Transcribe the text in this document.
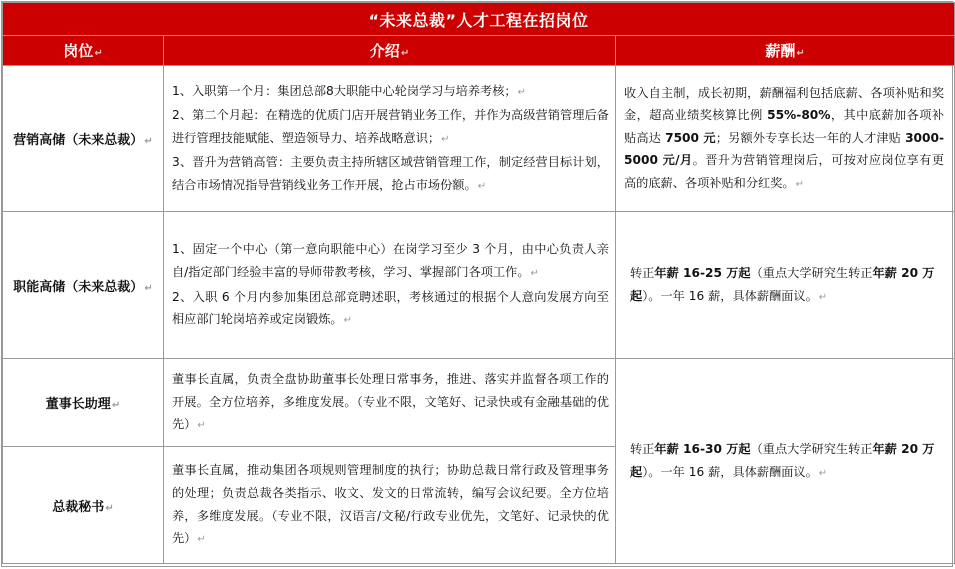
“未来总裁”人才工程在招岗位		
岗位↵	介绍↵	薪酬↵
营销高储（未来总裁）↵	1、入职第一个月：集团总部8大职能中心轮岗学习与培养考核；↵

2、第二个月起：在精选的优质门店开展营销业务工作，并作为高级营销管理后备进行管理技能赋能、塑造领导力、培养战略意识；↵

3、晋升为营销高管：主要负责主持所辖区域营销管理工作，制定经营目标计划，结合市场情况指导营销线业务工作开展，抢占市场份额。↵	收入自主制，成长初期，薪酬福利包括底薪、各项补贴和奖金，超高业绩奖核算比例 55%-80%，其中底薪加各项补贴高达 7500 元；另额外专享长达一年的人才津贴 3000-5000 元/月。晋升为营销管理岗后，可按对应岗位享有更高的底薪、各项补贴和分红奖。↵
职能高储（未来总裁）↵	1、固定一个中心（第一意向职能中心）在岗学习至少 3 个月，由中心负责人亲自/指定部门经验丰富的导师带教考核，学习、掌握部门各项工作。↵

2、入职 6 个月内参加集团总部竞聘述职，考核通过的根据个人意向发展方向至相应部门轮岗培养或定岗锻炼。↵	转正年薪 16-25 万起（重点大学研究生转正年薪 20 万起）。一年 16 薪，具体薪酬面议。↵
董事长助理↵	董事长直属，负责全盘协助董事长处理日常事务，推进、落实并监督各项工作的开展。全方位培养，多维度发展。（专业不限，文笔好、记录快或有金融基础的优先）↵	转正年薪 16-30 万起（重点大学研究生转正年薪 20 万起）。一年 16 薪，具体薪酬面议。↵
总裁秘书↵	董事长直属，推动集团各项规则管理制度的执行；协助总裁日常行政及管理事务的处理；负责总裁各类指示、收文、发文的日常流转，编写会议纪要。全方位培养，多维度发展。（专业不限，汉语言/文秘/行政专业优先，文笔好、记录快的优先）↵	
